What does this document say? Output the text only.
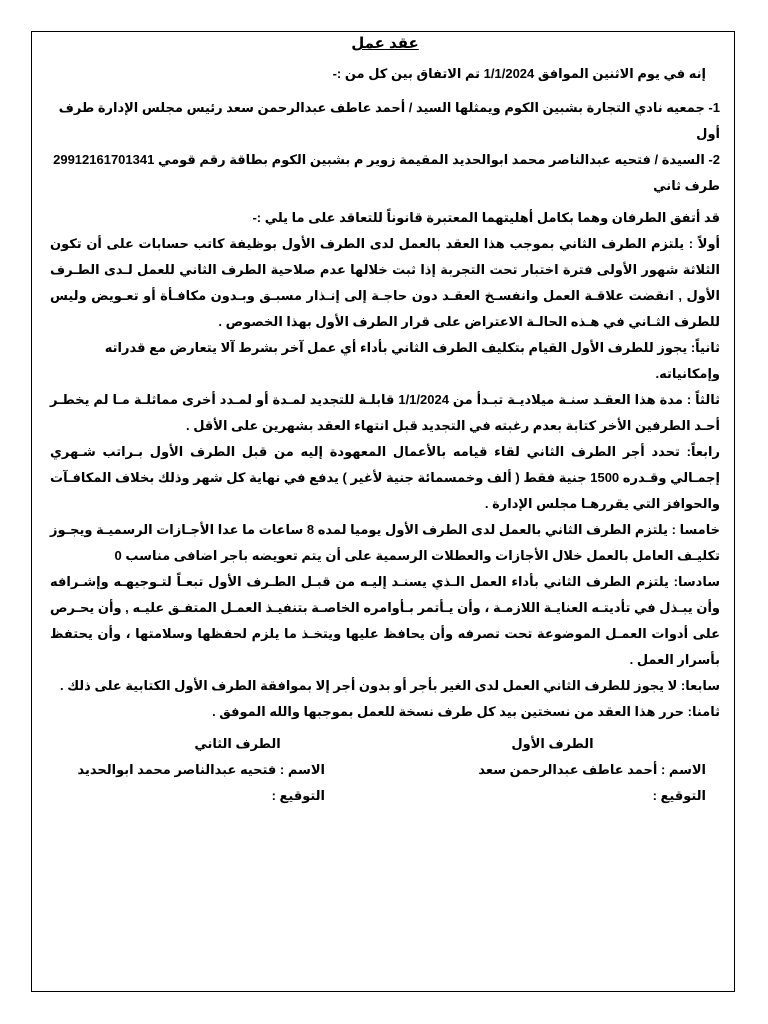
عقد عمل

إنه في يوم الاثنين الموافق 1/1/2024 تم الاتفاق بين كل من :-

1- جمعيه نادي التجارة بشبين الكوم ويمثلها السيد / أحمد عاطف عبدالرحمن سعد رئيس مجلس الإدارة طرف أول

2- السيدة / فتحيه عبدالناصر محمد ابوالحديد المقيمة زوير م بشبين الكوم بطاقة رقم قومي 29912161701341

طرف ثاني

قد أتفق الطرفان وهما بكامل أهليتهما المعتبرة قانوناً للتعاقد على ما يلي :-

أولاً : يلتزم الطرف الثاني بموجب هذا العقد بالعمل لدى الطرف الأول بوظيفة كاتب حسابات على أن تكون الثلاثة شهور الأولى فترة اختبار تحت التجربة إذا ثبت خلالها عدم صلاحية الطرف الثاني للعمل لـدى الطـرف الأول , انقضت علاقـة العمل وانفسـخ العقـد دون حاجـة إلى إنـذار مسبـق وبـدون مكافـأة أو تعـويض وليس للطرف الثـاني في هـذه الحالـة الاعتراض على قرار الطرف الأول بهذا الخصوص .

ثانياً: يجوز للطرف الأول القيام بتكليف الطرف الثاني بأداء أي عمل آخر بشرط آلا يتعارض مع قدراته وإمكانياته.

ثالثاً : مدة هذا العقـد سنـة ميلاديـة تبـدأ من 1/1/2024 قابلـة للتجديد لمـدة أو لمـدد أخرى مماثلـة مـا لم يخطـر أحـد الطرفين الأخر كتابة بعدم رغبته في التجديد قبل انتهاء العقد بشهرين على الأقل .

رابعاً: تحدد أجر الطرف الثاني لقاء قيامه بالأعمال المعهودة إليه من قبل الطرف الأول بـراتب شـهري إجمـالي وقـدره 1500 جنية فقط ( ألف وخمسمائة جنية لأغير ) يدفع في نهاية كل شهر وذلك بخلاف المكافـآت والحوافز التي يقررهـا مجلس الإدارة .

خامسا : يلتزم الطرف الثاني بالعمل لدى الطرف الأول يوميا لمده 8 ساعات ما عدا الأجـازات الرسميـة ويجـوز تكليـف العامل بالعمل خلال الأجازات والعطلات الرسمية على أن يتم تعويضه باجر اضافى مناسب 0

سادسا: يلتزم الطرف الثاني بأداء العمل الـذي يسنـد إليـه من قبـل الطـرف الأول تبعـاً لتـوجيهـه وإشـرافه وأن يبـذل في تأديتـه العنايـة اللازمـة ، وأن يـأتمر بـأوامره الخاصـة بتنفيـذ العمـل المتفـق عليـه , وأن يحـرص على أدوات العمـل الموضوعة تحت تصرفه وأن يحافظ عليها ويتخـذ ما يلزم لحفظها وسلامتها ، وأن يحتفظ بأسرار العمل .

سابعا: لا يجوز للطرف الثاني العمل لدى الغير بأجر أو بدون أجر إلا بموافقة الطرف الأول الكتابية على ذلك .

ثامنا: حرر هذا العقد من نسختين بيد كل طرف نسخة للعمل بموجبها والله الموفق .

الطرف الأول
الاسم : أحمد عاطف عبدالرحمن سعد
التوقيع :
الطرف الثاني
الاسم : فتحيه عبدالناصر محمد ابوالحديد
التوقيع :
